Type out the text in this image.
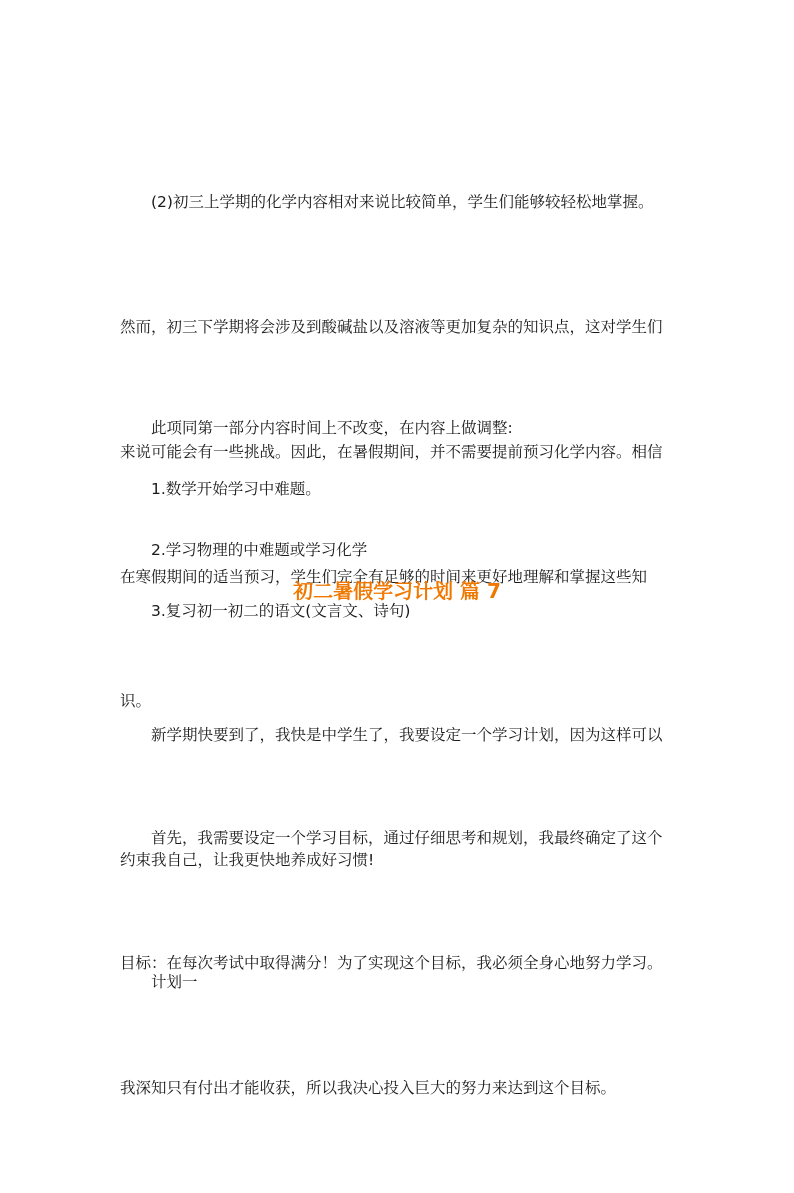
(2)初三上学期的化学内容相对来说比较简单，学生们能够较轻松地掌握。

然而，初三下学期将会涉及到酸碱盐以及溶液等更加复杂的知识点，这对学生们

来说可能会有一些挑战。因此，在暑假期间，并不需要提前预习化学内容。相信

在寒假期间的适当预习，学生们完全有足够的时间来更好地理解和掌握这些知

识。

此项同第一部分内容时间上不改变，在内容上做调整:

1.数学开始学习中难题。

2.学习物理的中难题或学习化学

3.复习初一初二的语文(文言文、诗句)

初二暑假学习计划 篇 7

新学期快要到了，我快是中学生了，我要设定一个学习计划，因为这样可以

约束我自己，让我更快地养成好习惯!

首先，我需要设定一个学习目标，通过仔细思考和规划，我最终确定了这个

目标：在每次考试中取得满分！为了实现这个目标，我必须全身心地努力学习。

我深知只有付出才能收获，所以我决心投入巨大的努力来达到这个目标。

计划一
